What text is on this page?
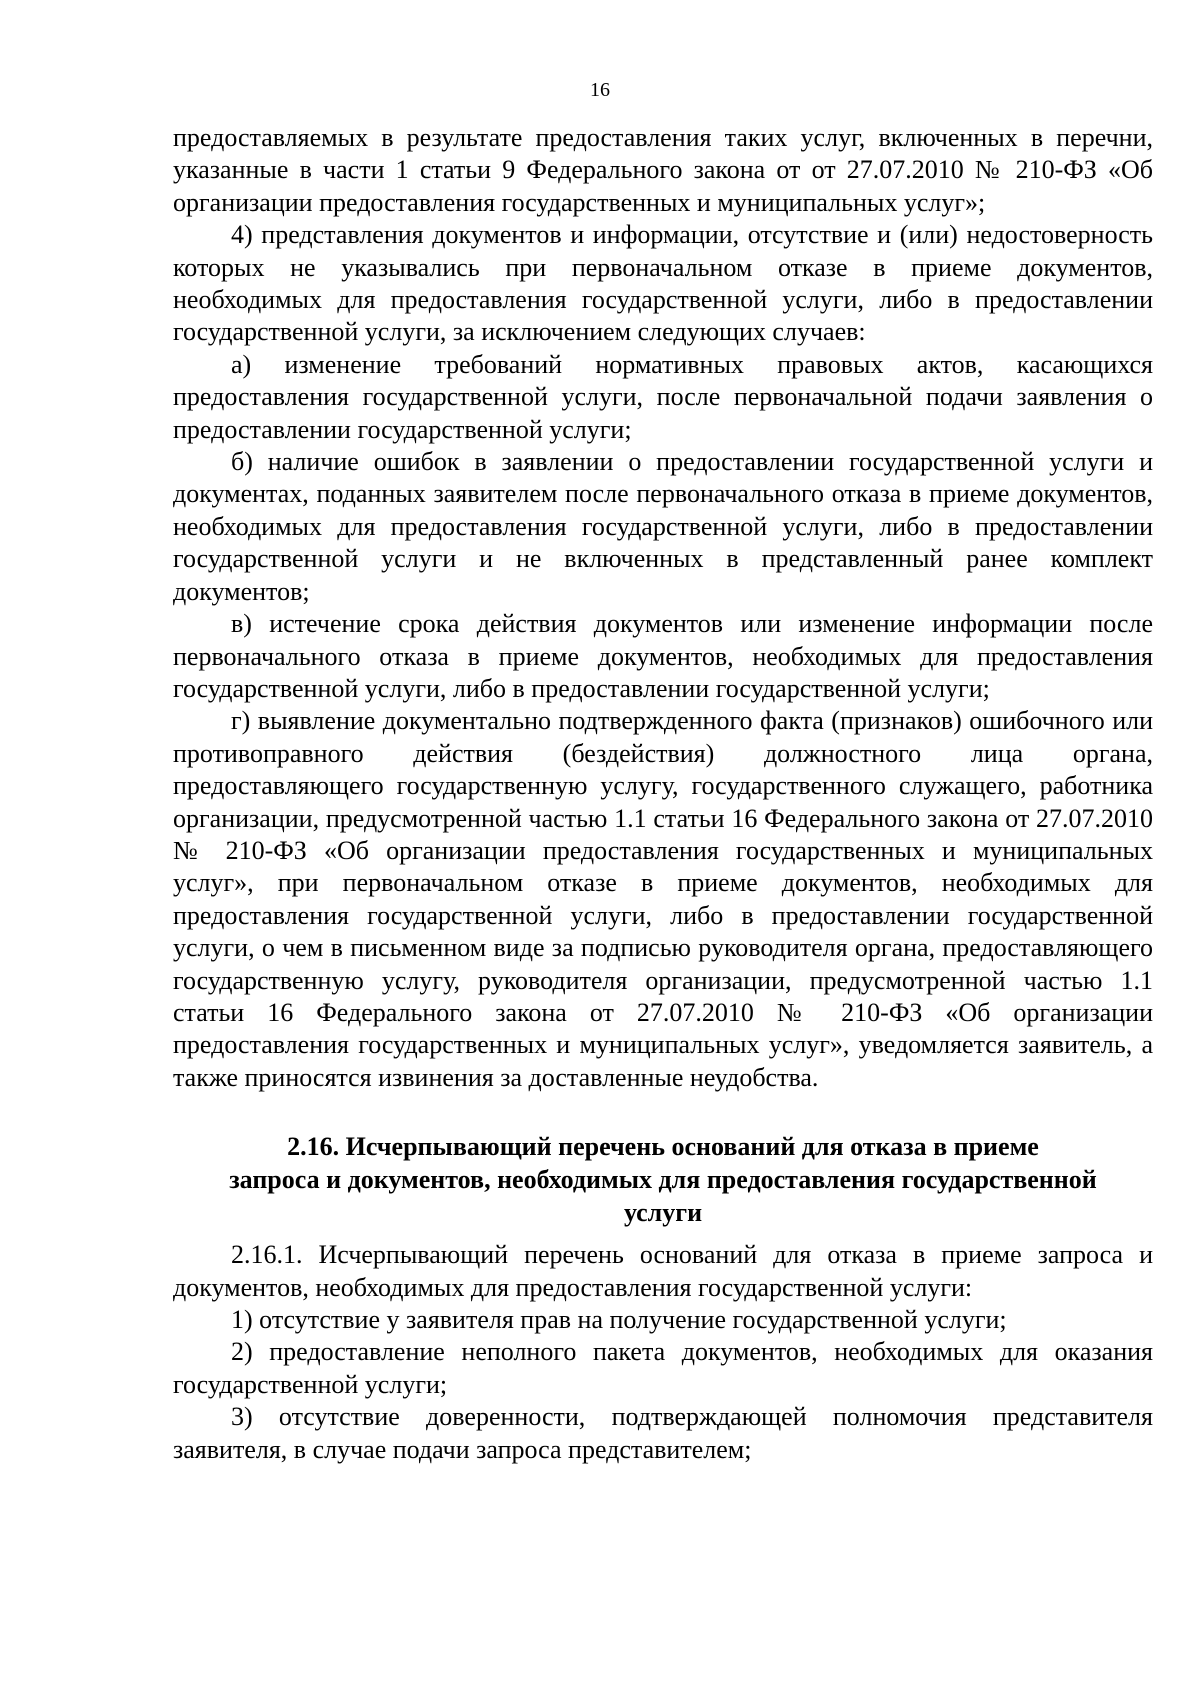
16

предоставляемых в результате предоставления таких услуг, включенных в перечни, указанные в части 1 статьи 9 Федерального закона от от 27.07.2010 № 210-ФЗ «Об организации предоставления государственных и муниципальных услуг»;

4) представления документов и информации, отсутствие и (или) недостоверность которых не указывались при первоначальном отказе в приеме документов, необходимых для предоставления государственной услуги, либо в предоставлении государственной услуги, за исключением следующих случаев:

а) изменение требований нормативных правовых актов, касающихся предоставления государственной услуги, после первоначальной подачи заявления о предоставлении государственной услуги;

б) наличие ошибок в заявлении о предоставлении государственной услуги и документах, поданных заявителем после первоначального отказа в приеме документов, необходимых для предоставления государственной услуги, либо в предоставлении государственной услуги и не включенных в представленный ранее комплект документов;

в) истечение срока действия документов или изменение информации после первоначального отказа в приеме документов, необходимых для предоставления государственной услуги, либо в предоставлении государственной услуги;

г) выявление документально подтвержденного факта (признаков) ошибочного или противоправного действия (бездействия) должностного лица органа, предоставляющего государственную услугу, государственного служащего, работника организации, предусмотренной частью 1.1 статьи 16 Федерального закона от 27.07.2010 № 210-ФЗ «Об организации предоставления государственных и муниципальных услуг», при первоначальном отказе в приеме документов, необходимых для предоставления государственной услуги, либо в предоставлении государственной услуги, о чем в письменном виде за подписью руководителя органа, предоставляющего государственную услугу, руководителя организации, предусмотренной частью 1.1 статьи 16 Федерального закона от 27.07.2010 № 210-ФЗ «Об организации предоставления государственных и муниципальных услуг», уведомляется заявитель, а также приносятся извинения за доставленные неудобства.

2.16. Исчерпывающий перечень оснований для отказа в приеме
запроса и документов, необходимых для предоставления государственной
услуги

2.16.1. Исчерпывающий перечень оснований для отказа в приеме запроса и документов, необходимых для предоставления государственной услуги:

1) отсутствие у заявителя прав на получение государственной услуги;

2) предоставление неполного пакета документов, необходимых для оказания государственной услуги;

3) отсутствие доверенности, подтверждающей полномочия представителя заявителя, в случае подачи запроса представителем;
